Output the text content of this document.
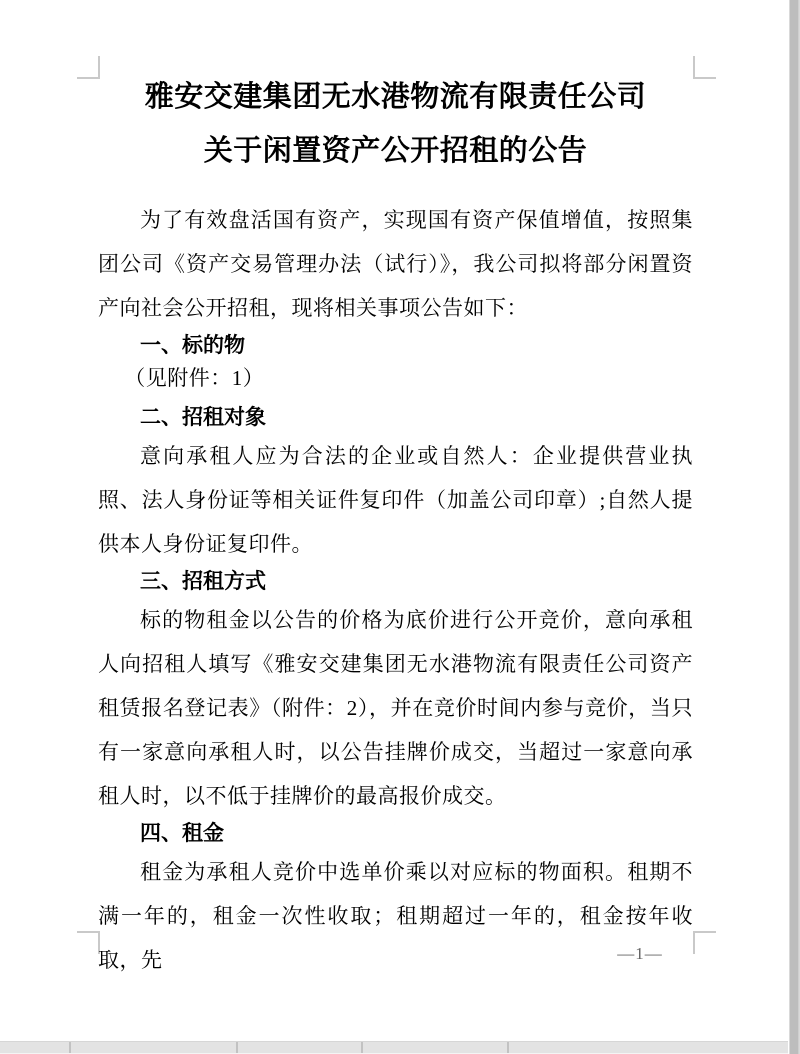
雅安交建集团无水港物流有限责任公司
关于闲置资产公开招租的公告

为了有效盘活国有资产，实现国有资产保值增值，按照集团公司《资产交易管理办法（试行）》，我公司拟将部分闲置资产向社会公开招租，现将相关事项公告如下：

一、标的物

（见附件：1）

二、招租对象

意向承租人应为合法的企业或自然人：企业提供营业执照、法人身份证等相关证件复印件（加盖公司印章）;自然人提供本人身份证复印件。

三、招租方式

标的物租金以公告的价格为底价进行公开竞价，意向承租人向招租人填写《雅安交建集团无水港物流有限责任公司资产租赁报名登记表》（附件：2），并在竞价时间内参与竞价，当只有一家意向承租人时，以公告挂牌价成交，当超过一家意向承租人时，以不低于挂牌价的最高报价成交。

四、租金

租金为承租人竞价中选单价乘以对应标的物面积。租期不满一年的，租金一次性收取；租期超过一年的，租金按年收取，先	—1—
